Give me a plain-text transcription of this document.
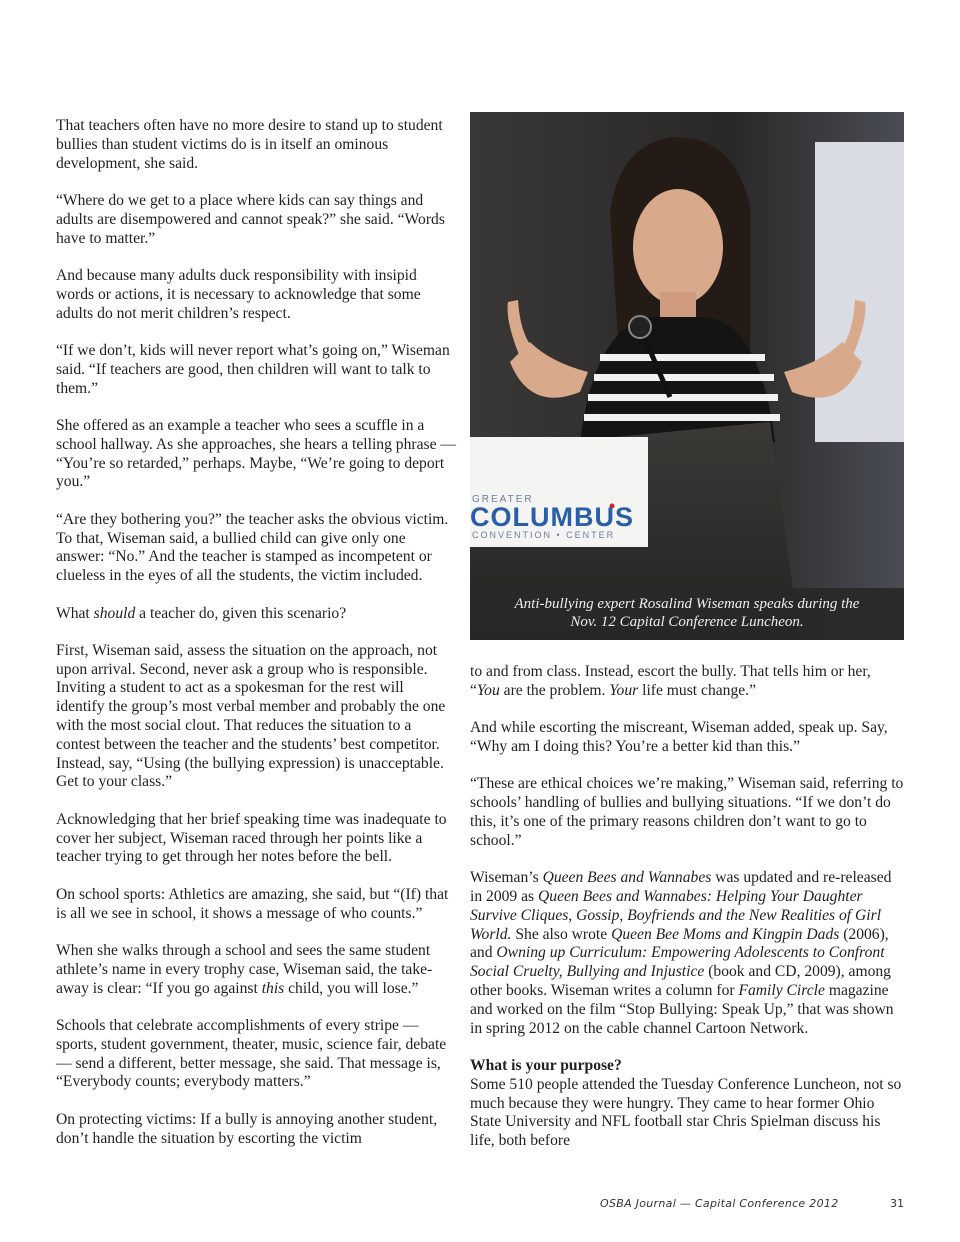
That teachers often have no more desire to stand up to student bullies than student victims do is in itself an ominous development, she said.

“Where do we get to a place where kids can say things and adults are disempowered and cannot speak?” she said. “Words have to matter.”

And because many adults duck responsibility with insipid words or actions, it is necessary to acknowledge that some adults do not merit children’s respect.

“If we don’t, kids will never report what’s going on,” Wiseman said. “If teachers are good, then children will want to talk to them.”

She offered as an example a teacher who sees a scuffle in a school hallway. As she approaches, she hears a telling phrase — “You’re so retarded,” perhaps. Maybe, “We’re going to deport you.”

“Are they bothering you?” the teacher asks the obvious victim. To that, Wiseman said, a bullied child can give only one answer: “No.” And the teacher is stamped as incompetent or clueless in the eyes of all the students, the victim included.

What should a teacher do, given this scenario?

First, Wiseman said, assess the situation on the approach, not upon arrival. Second, never ask a group who is responsible. Inviting a student to act as a spokesman for the rest will identify the group’s most verbal member and probably the one with the most social clout. That reduces the situation to a contest between the teacher and the students’ best competitor. Instead, say, “Using (the bullying expression) is unacceptable. Get to your class.”

Acknowledging that her brief speaking time was inadequate to cover her subject, Wiseman raced through her points like a teacher trying to get through her notes before the bell.

On school sports: Athletics are amazing, she said, but “(If) that is all we see in school, it shows a message of who counts.”

When she walks through a school and sees the same student athlete’s name in every trophy case, Wiseman said, the take-away is clear: “If you go against this child, you will lose.”

Schools that celebrate accomplishments of every stripe — sports, student government, theater, music, science fair, debate — send a different, better message, she said. That message is, “Everybody counts; everybody matters.”

On protecting victims: If a bully is annoying another student, don’t handle the situation by escorting the victim

GREATER
COLUMBUS
CONVENTION • CENTER
Anti-bullying expert Rosalind Wiseman speaks during the
Nov. 12 Capital Conference Luncheon.

to and from class. Instead, escort the bully. That tells him or her, “You are the problem. Your life must change.”

And while escorting the miscreant, Wiseman added, speak up. Say, “Why am I doing this? You’re a better kid than this.”

“These are ethical choices we’re making,” Wiseman said, referring to schools’ handling of bullies and bullying situations. “If we don’t do this, it’s one of the primary reasons children don’t want to go to school.”

Wiseman’s Queen Bees and Wannabes was updated and re-released in 2009 as Queen Bees and Wannabes: Helping Your Daughter Survive Cliques, Gossip, Boyfriends and the New Realities of Girl World. She also wrote Queen Bee Moms and Kingpin Dads (2006), and Owning up Curriculum: Empowering Adolescents to Confront Social Cruelty, Bullying and Injustice (book and CD, 2009), among other books. Wiseman writes a column for Family Circle magazine and worked on the film “Stop Bullying: Speak Up,” that was shown in spring 2012 on the cable channel Cartoon Network.

What is your purpose?
Some 510 people attended the Tuesday Conference Luncheon, not so much because they were hungry. They came to hear former Ohio State University and NFL football star Chris Spielman discuss his life, both before

OSBA Journal — Capital Conference 2012	31
